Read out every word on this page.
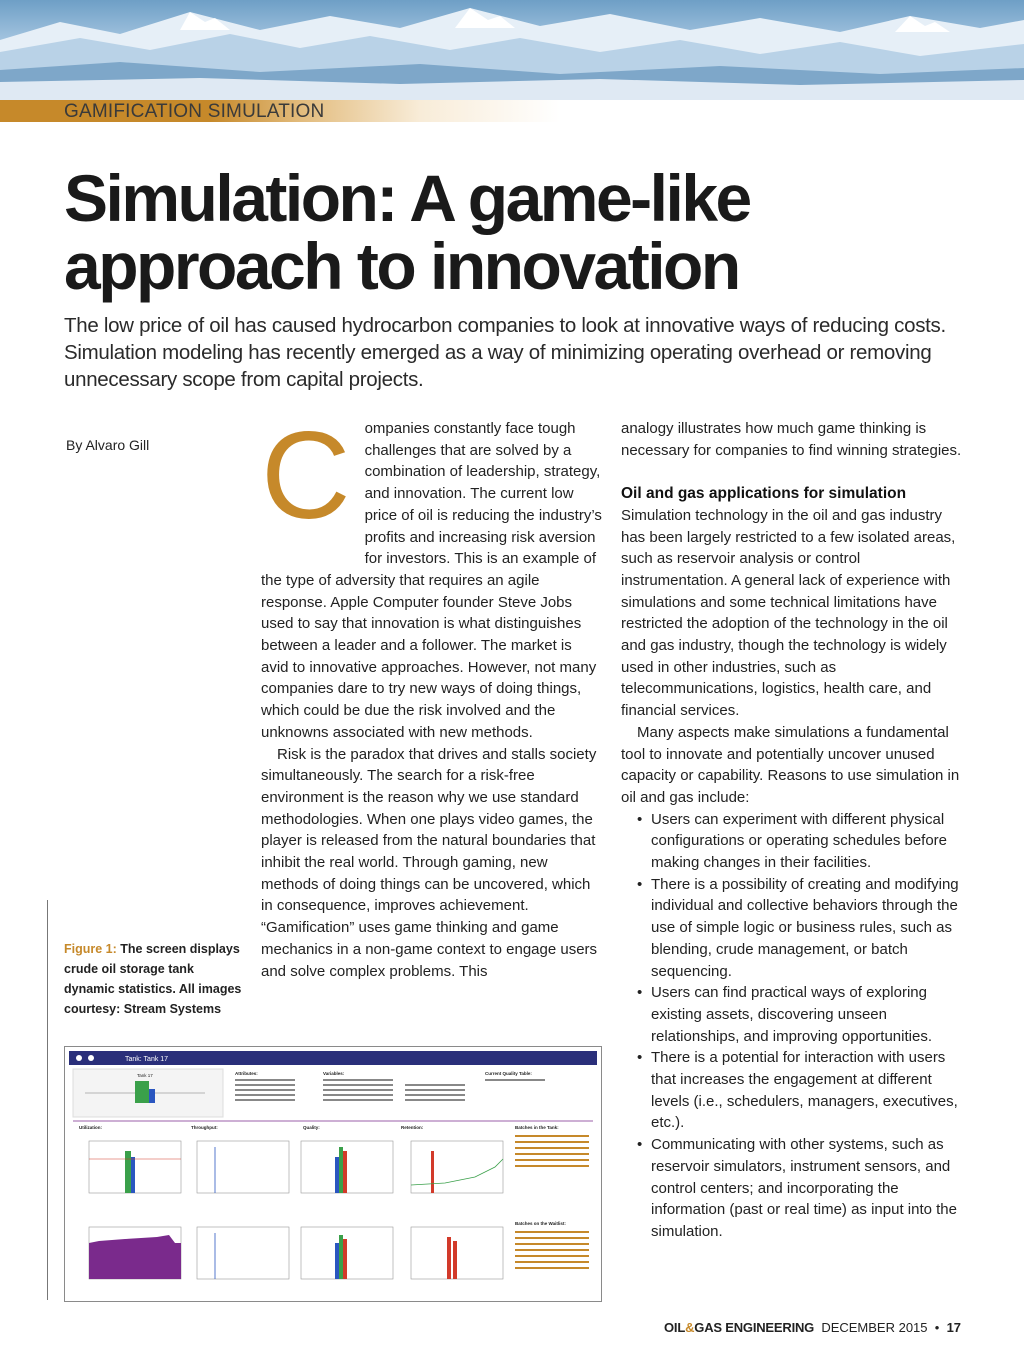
GAMIFICATION SIMULATION
Simulation: A game-like
approach to innovation

The low price of oil has caused hydrocarbon companies to look at innovative ways of reducing costs. Simulation modeling has recently emerged as a way of minimizing operating overhead or removing unnecessary scope from capital projects.

By Alvaro Gill Companies constantly face tough challenges that are solved by a combination of leadership, strategy, and innovation. The current low price of oil is reducing the industry’s profits and increasing risk aversion for investors. This is an example of the type of adversity that requires an agile response. Apple Computer founder Steve Jobs used to say that innovation is what distinguishes between a leader and a follower. The market is avid to innovative approaches. However, not many companies dare to try new ways of doing things, which could be due the risk involved and the unknowns associated with new methods.

Risk is the paradox that drives and stalls society simultaneously. The search for a risk-free environment is the reason why we use standard methodologies. When one plays video games, the player is released from the natural boundaries that inhibit the real world. Through gaming, new methods of doing things can be uncovered, which in consequence, improves achievement. “Gamification” uses game thinking and game mechanics in a non-game context to engage users and solve complex problems. This

analogy illustrates how much game thinking is necessary for companies to find winning strategies.

Oil and gas applications for simulation

Simulation technology in the oil and gas industry has been largely restricted to a few isolated areas, such as reservoir analysis or control instrumentation. A general lack of experience with simulations and some technical limitations have restricted the adoption of the technology in the oil and gas industry, though the technology is widely used in other industries, such as telecommunications, logistics, health care, and financial services.

Many aspects make simulations a fundamental tool to innovate and potentially uncover unused capacity or capability. Reasons to use simulation in oil and gas include:

• Users can experiment with different physical configurations or operating schedules before making changes in their facilities.
• There is a possibility of creating and modifying individual and collective behaviors through the use of simple logic or business rules, such as blending, crude management, or batch sequencing.
• Users can find practical ways of exploring existing assets, discovering unseen relationships, and improving opportunities.
• There is a potential for interaction with users that increases the engagement at different levels (i.e., schedulers, managers, executives, etc.).
• Communicating with other systems, such as reservoir simulators, instrument sensors, and control centers; and incorporating the information (past or real time) as input into the simulation.
Figure 1: The screen displays crude oil storage tank dynamic statistics. All images courtesy: Stream Systems
Tank: Tank 17
Tank 17	Attributes:	Variables:	Current Quality Table:
Utilization:	Throughput:	Quality:	Retention:	Batches in the Tank:
Batches on the Waitlist:
OIL&GAS ENGINEERING DECEMBER 2015 • 17
